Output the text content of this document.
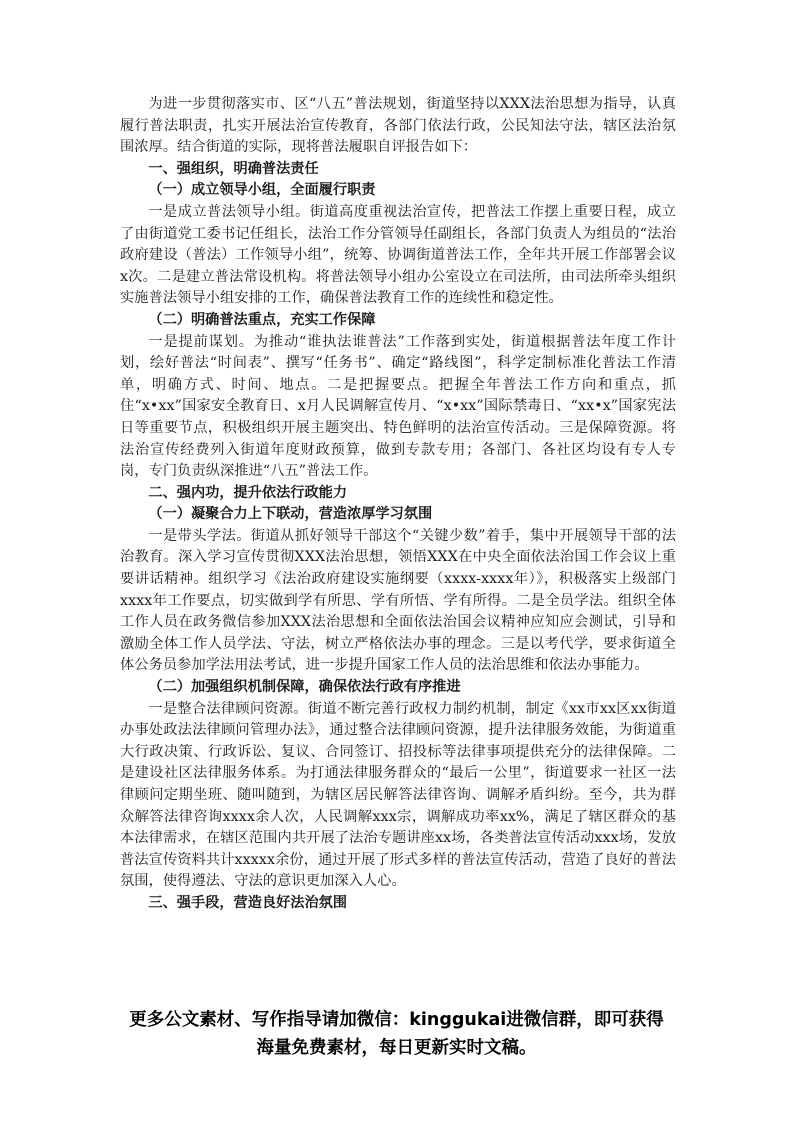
为进一步贯彻落实市、区“八五”普法规划，街道坚持以XXX法治思想为指导，认真履行普法职责，扎实开展法治宣传教育，各部门依法行政，公民知法守法，辖区法治氛围浓厚。结合街道的实际，现将普法履职自评报告如下：

一、强组织，明确普法责任

（一）成立领导小组，全面履行职责

一是成立普法领导小组。街道高度重视法治宣传，把普法工作摆上重要日程，成立了由街道党工委书记任组长，法治工作分管领导任副组长，各部门负责人为组员的“法治政府建设（普法）工作领导小组”，统筹、协调街道普法工作，全年共开展工作部署会议x次。二是建立普法常设机构。将普法领导小组办公室设立在司法所，由司法所牵头组织实施普法领导小组安排的工作，确保普法教育工作的连续性和稳定性。

（二）明确普法重点，充实工作保障

一是提前谋划。为推动“谁执法谁普法”工作落到实处，街道根据普法年度工作计划，绘好普法“时间表”、撰写“任务书”、确定“路线图”，科学定制标准化普法工作清单，明确方式、时间、地点。二是把握要点。把握全年普法工作方向和重点，抓住“x•xx”国家安全教育日、x月人民调解宣传月、“x•xx”国际禁毒日、“xx•x”国家宪法日等重要节点，积极组织开展主题突出、特色鲜明的法治宣传活动。三是保障资源。将法治宣传经费列入街道年度财政预算，做到专款专用；各部门、各社区均设有专人专岗，专门负责纵深推进“八五”普法工作。

二、强内功，提升依法行政能力

（一）凝聚合力上下联动，营造浓厚学习氛围

一是带头学法。街道从抓好领导干部这个“关键少数”着手，集中开展领导干部的法治教育。深入学习宣传贯彻XXX法治思想，领悟XXX在中央全面依法治国工作会议上重要讲话精神。组织学习《法治政府建设实施纲要（xxxx-xxxx年）》，积极落实上级部门xxxx年工作要点，切实做到学有所思、学有所悟、学有所得。二是全员学法。组织全体工作人员在政务微信参加XXX法治思想和全面依法治国会议精神应知应会测试，引导和激励全体工作人员学法、守法，树立严格依法办事的理念。三是以考代学，要求街道全体公务员参加学法用法考试，进一步提升国家工作人员的法治思维和依法办事能力。

（二）加强组织机制保障，确保依法行政有序推进

一是整合法律顾问资源。街道不断完善行政权力制约机制，制定《xx市xx区xx街道办事处政法法律顾问管理办法》，通过整合法律顾问资源，提升法律服务效能，为街道重大行政决策、行政诉讼、复议、合同签订、招投标等法律事项提供充分的法律保障。二是建设社区法律服务体系。为打通法律服务群众的“最后一公里”，街道要求一社区一法律顾问定期坐班、随叫随到，为辖区居民解答法律咨询、调解矛盾纠纷。至今，共为群众解答法律咨询xxxx余人次，人民调解xxx宗，调解成功率xx%，满足了辖区群众的基本法律需求，在辖区范围内共开展了法治专题讲座xx场，各类普法宣传活动xxx场，发放普法宣传资料共计xxxxx余份，通过开展了形式多样的普法宣传活动，营造了良好的普法氛围，使得遵法、守法的意识更加深入人心。

三、强手段，营造良好法治氛围

更多公文素材、写作指导请加微信：kinggukai进微信群，即可获得
海量免费素材，每日更新实时文稿。
